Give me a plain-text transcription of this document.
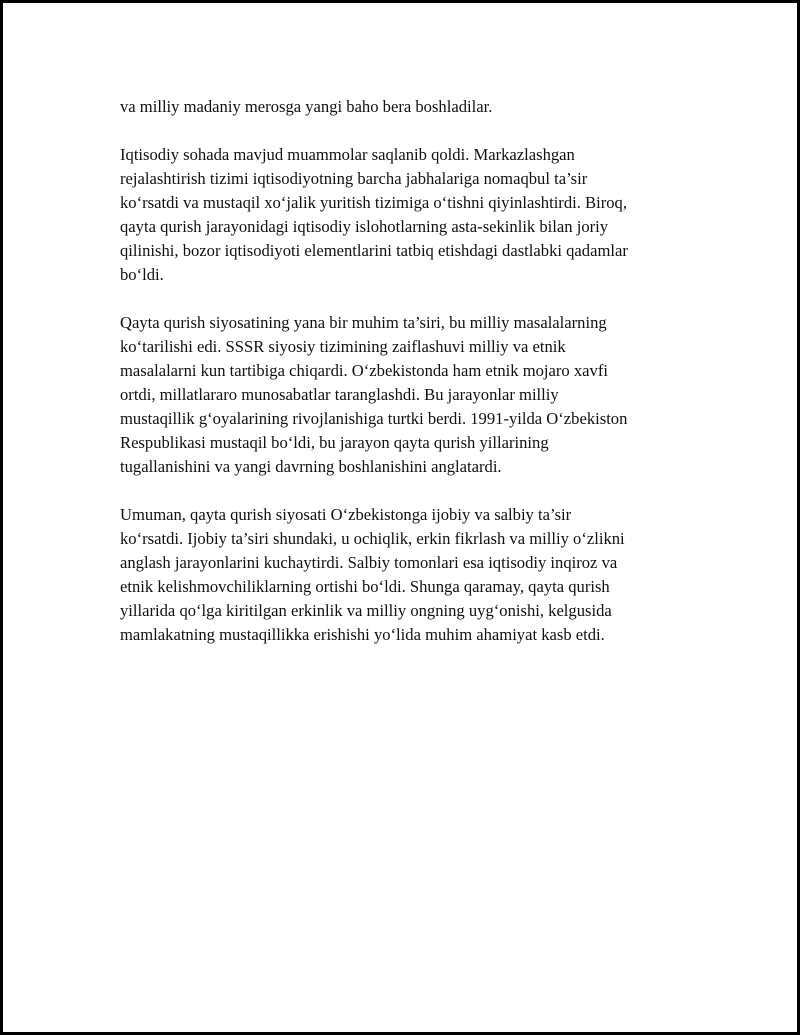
va milliy madaniy merosga yangi baho bera boshladilar.

Iqtisodiy sohada mavjud muammolar saqlanib qoldi. Markazlashgan
rejalashtirish tizimi iqtisodiyotning barcha jabhalariga nomaqbul ta’sir
ko‘rsatdi va mustaqil xo‘jalik yuritish tizimiga o‘tishni qiyinlashtirdi. Biroq,
qayta qurish jarayonidagi iqtisodiy islohotlarning asta-sekinlik bilan joriy
qilinishi, bozor iqtisodiyoti elementlarini tatbiq etishdagi dastlabki qadamlar
bo‘ldi.

Qayta qurish siyosatining yana bir muhim ta’siri, bu milliy masalalarning
ko‘tarilishi edi. SSSR siyosiy tizimining zaiflashuvi milliy va etnik
masalalarni kun tartibiga chiqardi. O‘zbekistonda ham etnik mojaro xavfi
ortdi, millatlararo munosabatlar taranglashdi. Bu jarayonlar milliy
mustaqillik g‘oyalarining rivojlanishiga turtki berdi. 1991-yilda O‘zbekiston
Respublikasi mustaqil bo‘ldi, bu jarayon qayta qurish yillarining
tugallanishini va yangi davrning boshlanishini anglatardi.

Umuman, qayta qurish siyosati O‘zbekistonga ijobiy va salbiy ta’sir
ko‘rsatdi. Ijobiy ta’siri shundaki, u ochiqlik, erkin fikrlash va milliy o‘zlikni
anglash jarayonlarini kuchaytirdi. Salbiy tomonlari esa iqtisodiy inqiroz va
etnik kelishmovchiliklarning ortishi bo‘ldi. Shunga qaramay, qayta qurish
yillarida qo‘lga kiritilgan erkinlik va milliy ongning uyg‘onishi, kelgusida
mamlakatning mustaqillikka erishishi yo‘lida muhim ahamiyat kasb etdi.
